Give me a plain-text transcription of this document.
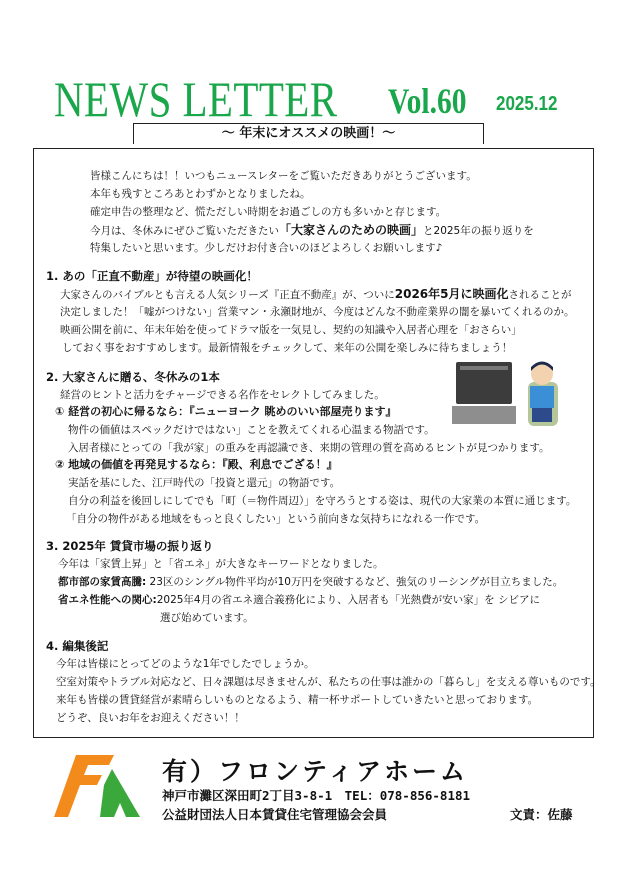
NEWS LETTER Vol.60 2025.12
～ 年末にオススメの映画！～
皆様こんにちは！！いつもニュースレターをご覧いただきありがとうございます。
本年も残すところあとわずかとなりましたね。
確定申告の整理など、慌ただしい時期をお過ごしの方も多いかと存じます。
今月は、冬休みにぜひご覧いただきたい「大家さんのための映画」と2025年の振り返りを
特集したいと思います。少しだけお付き合いのほどよろしくお願いします♪
1. あの「正直不動産」が待望の映画化！
大家さんのバイブルとも言える人気シリーズ『正直不動産』が、ついに2026年5月に映画化されることが
決定しました！「嘘がつけない」営業マン・永瀬財地が、今度はどんな不動産業界の闇を暴いてくれるのか。
映画公開を前に、年末年始を使ってドラマ版を一気見し、契約の知識や入居者心理を「おさらい」
しておく事をおすすめします。最新情報をチェックして、来年の公開を楽しみに待ちましょう！
2. 大家さんに贈る、冬休みの1本
経営のヒントと活力をチャージできる名作をセレクトしてみました。
① 経営の初心に帰るなら：『ニューヨーク 眺めのいい部屋売ります』
物件の価値はスペックだけではない」ことを教えてくれる心温まる物語です。
入居者様にとっての「我が家」の重みを再認識でき、来期の管理の質を高めるヒントが見つかります。
② 地域の価値を再発見するなら：『殿、利息でござる！』
実話を基にした、江戸時代の「投資と還元」の物語です。
自分の利益を後回しにしてでも「町（＝物件周辺）」を守ろうとする姿は、現代の大家業の本質に通じます。
「自分の物件がある地域をもっと良くしたい」という前向きな気持ちになれる一作です。
3. 2025年 賃貸市場の振り返り
今年は「家賃上昇」と「省エネ」が大きなキーワードとなりました。
都市部の家賃高騰: 23区のシングル物件平均が10万円を突破するなど、強気のリーシングが目立ちました。
省エネ性能への関心:2025年4月の省エネ適合義務化により、入居者も「光熱費が安い家」を シビアに
選び始めています。
4. 編集後記
今年は皆様にとってどのような1年でしたでしょうか。
空室対策やトラブル対応など、日々課題は尽きませんが、私たちの仕事は誰かの「暮らし」を支える尊いものです。
来年も皆様の賃貸経営が素晴らしいものとなるよう、精一杯サポートしていきたいと思っております。
どうぞ、良いお年をお迎えください！！
有）フロンティアホーム
神戸市灘区深田町2丁目3-8-1　TEL：078-856-8181
公益財団法人日本賃貸住宅管理協会会員	文責：佐藤
